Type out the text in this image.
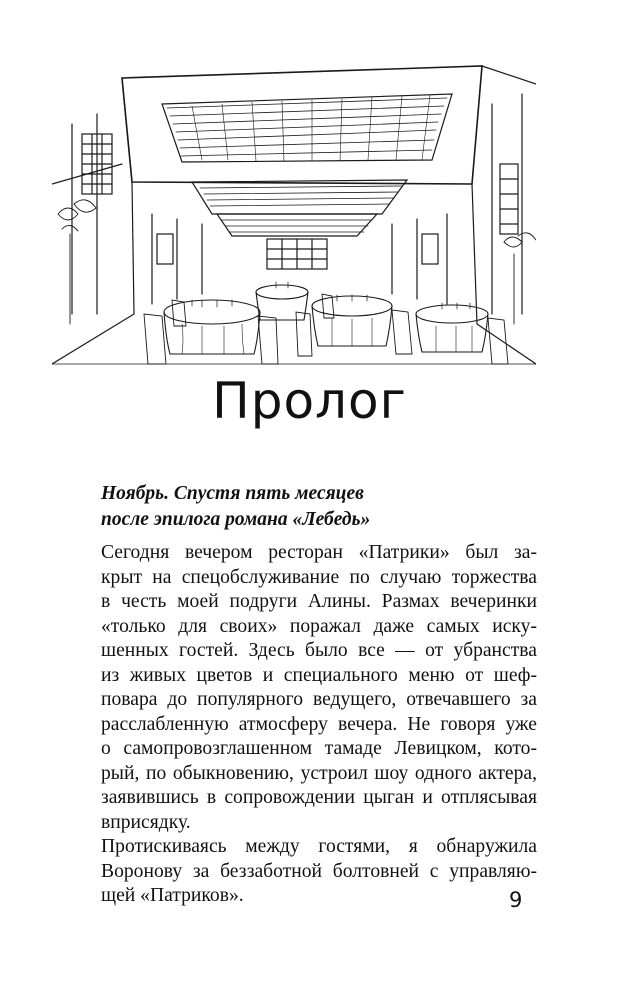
Пролог
Ноябрь. Спустя пять месяцев
после эпилога романа «Лебедь»
Сегодня вечером ресторан «Патрики» был за-
крыт на спецобслуживание по случаю торжества
в честь моей подруги Алины. Размах вечеринки
«только для своих» поражал даже самых иску-
шенных гостей. Здесь было все — от убранства
из живых цветов и специального меню от шеф-
повара до популярного ведущего, отвечавшего за
расслабленную атмосферу вечера. Не говоря уже
о самопровозглашенном тамаде Левицком, кото-
рый, по обыкновению, устроил шоу одного актера,
заявившись в сопровождении цыган и отплясывая
вприсядку.
Протискиваясь между гостями, я обнаружила
Воронову за беззаботной болтовней с управляю-
щей «Патриков».	9
